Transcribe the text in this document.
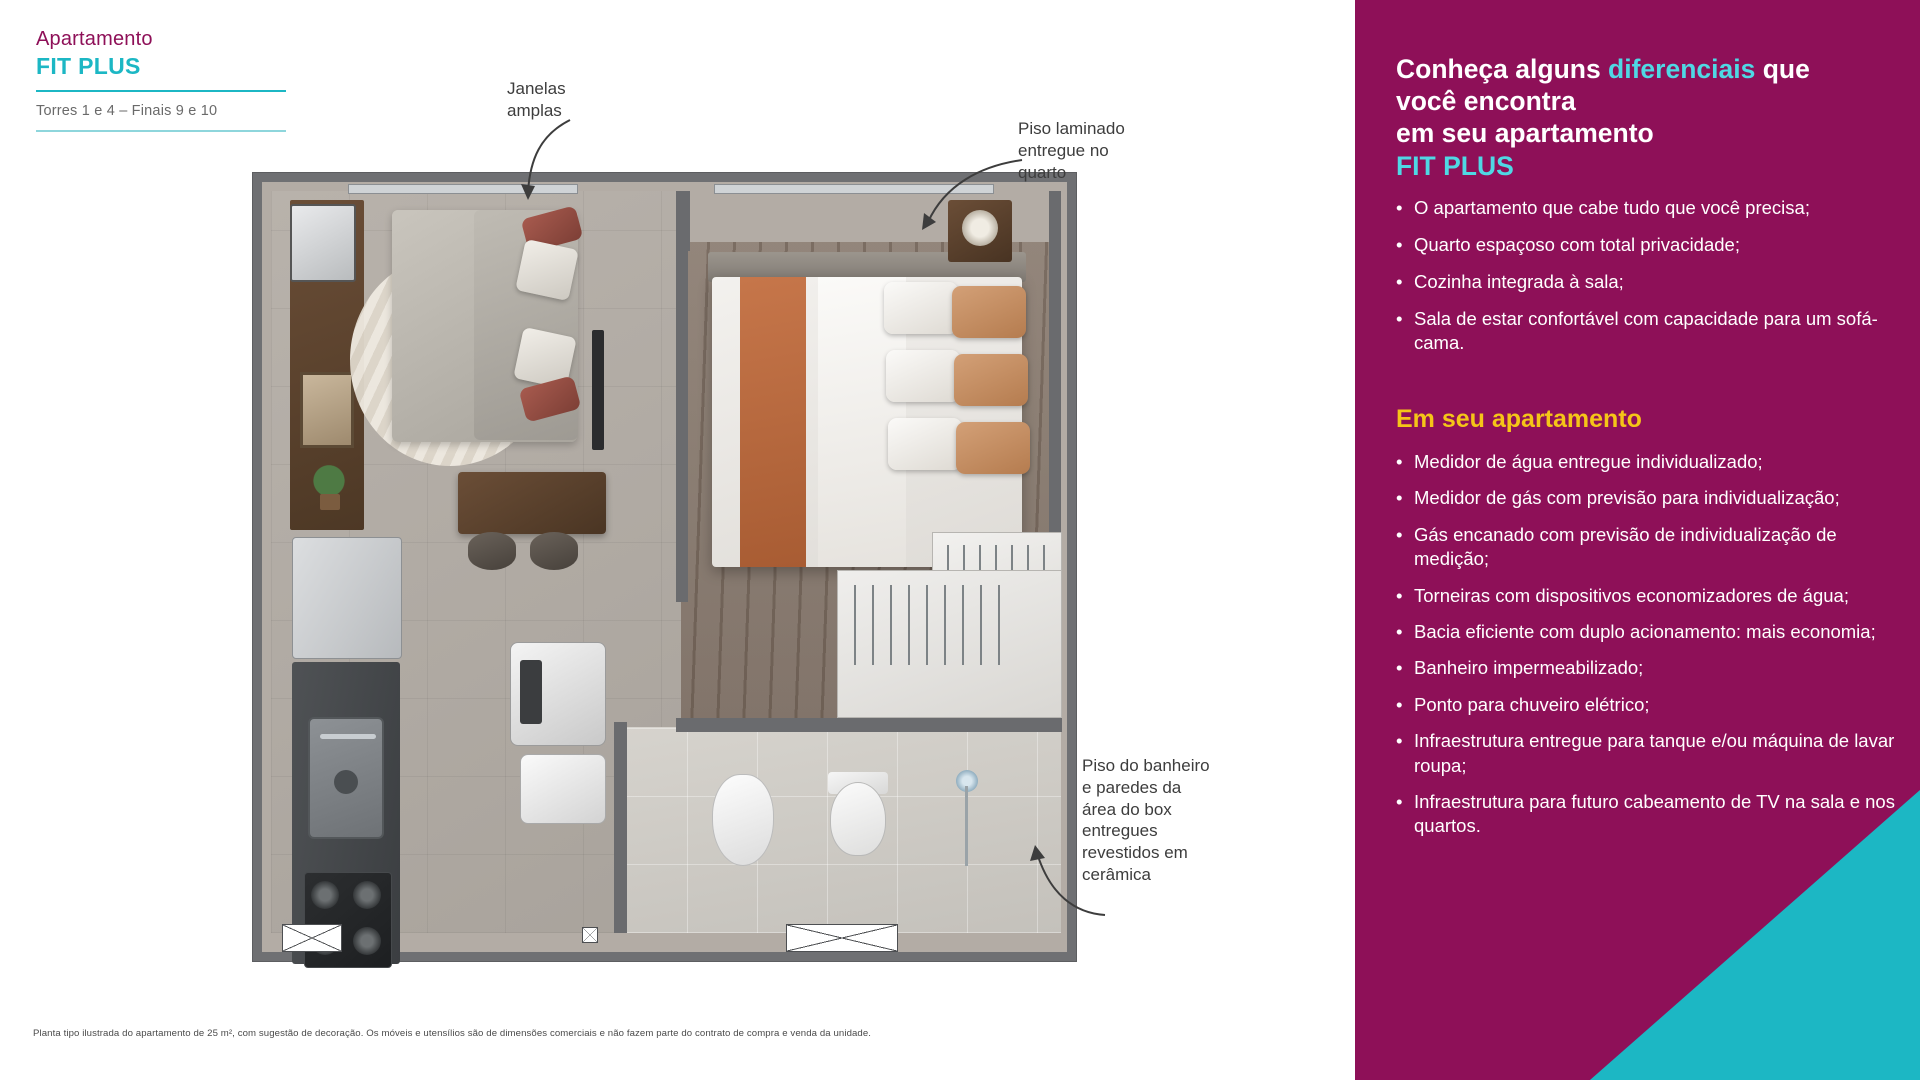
Apartamento
FIT PLUS
Torres 1 e 4 – Finais 9 e 10
Janelas
amplas
Piso laminado
entregue no
quarto
Piso do banheiro
e paredes da
área do box
entregues
revestidos em
cerâmica
Planta tipo ilustrada do apartamento de 25 m², com sugestão de decoração. Os móveis e utensílios são de dimensões comerciais e não fazem parte do contrato de compra e venda da unidade.
Conheça alguns diferenciais que
você encontra
em seu apartamento
FIT PLUS
• O apartamento que cabe tudo que você precisa;
• Quarto espaçoso com total privacidade;
• Cozinha integrada à sala;
• Sala de estar confortável com capacidade para um sofá-cama.
Em seu apartamento
• Medidor de água entregue individualizado;
• Medidor de gás com previsão para individualização;
• Gás encanado com previsão de individualização de medição;
• Torneiras com dispositivos economizadores de água;
• Bacia eficiente com duplo acionamento: mais economia;
• Banheiro impermeabilizado;
• Ponto para chuveiro elétrico;
• Infraestrutura entregue para tanque e/ou máquina de lavar roupa;
• Infraestrutura para futuro cabeamento de TV na sala e nos quartos.
